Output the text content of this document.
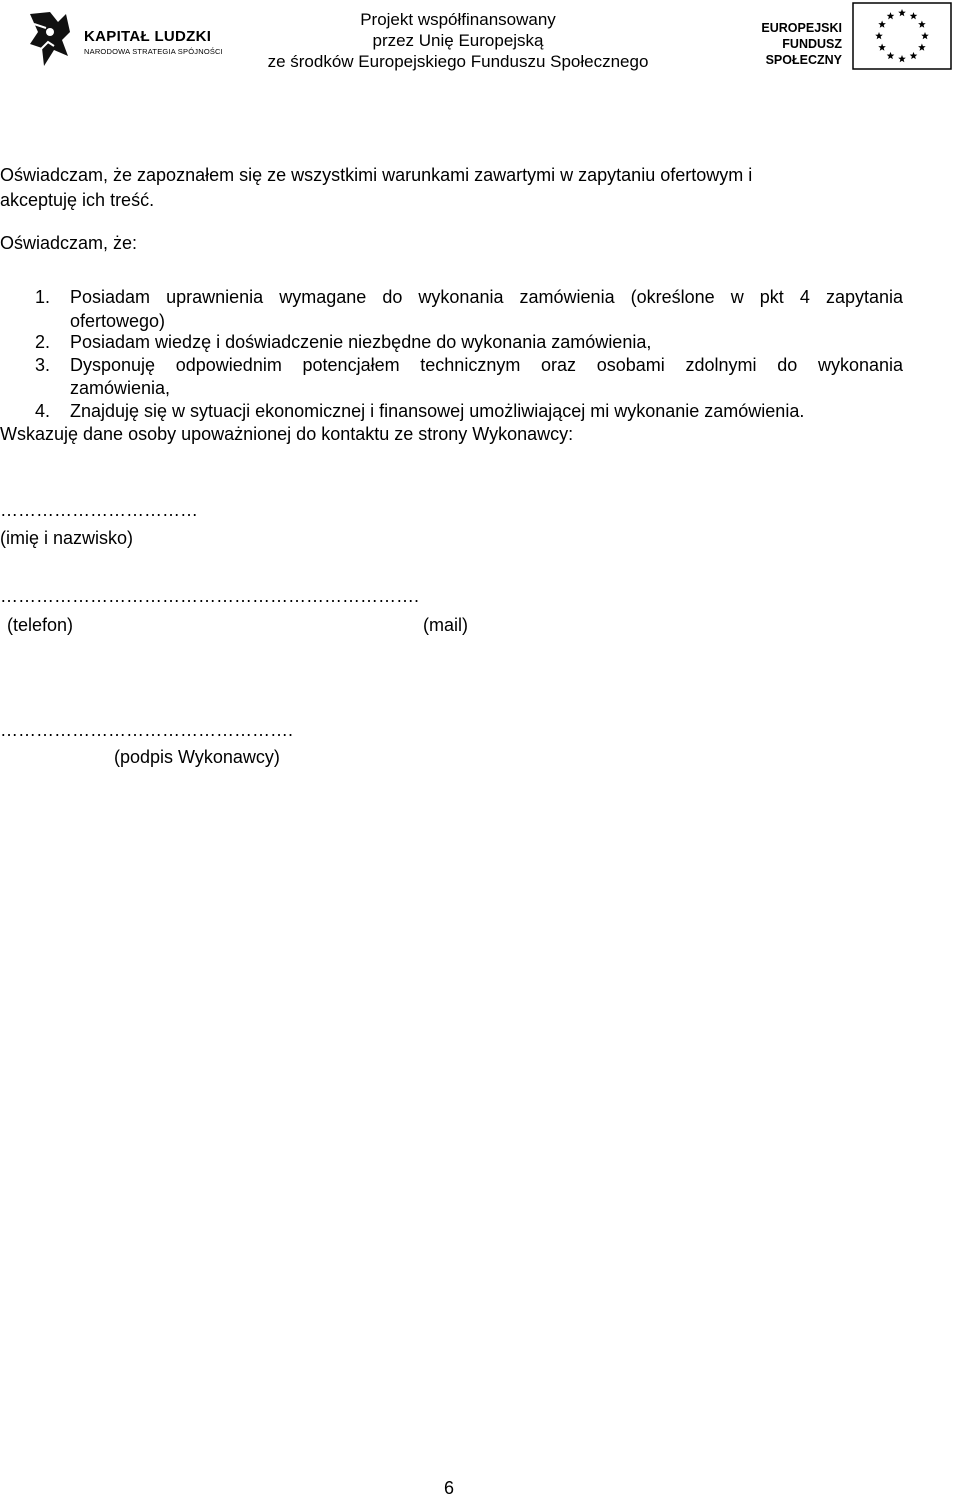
KAPITAŁ LUDZKI
NARODOWA STRATEGIA SPÓJNOŚCI
Projekt współfinansowany
przez Unię Europejską
ze środków Europejskiego Funduszu Społecznego
EUROPEJSKI
FUNDUSZ SPOŁECZNY
Oświadczam, że zapoznałem się ze wszystkimi warunkami zawartymi w zapytaniu ofertowym i
akceptuję ich treść.
Oświadczam, że:
1. Posiadam uprawnienia wymagane do wykonania zamówienia (określone w pkt 4 zapytania
ofertowego)
2. Posiadam wiedzę i doświadczenie niezbędne do wykonania zamówienia,
3. Dysponuję odpowiednim potencjałem technicznym oraz osobami zdolnymi do wykonania
zamówienia,
4. Znajduję się w sytuacji ekonomicznej i finansowej umożliwiającej mi wykonanie zamówienia.
Wskazuję dane osoby upoważnionej do kontaktu ze strony Wykonawcy:
……………………………
(imię i nazwisko)
…………………………………………………………….
(telefon)	(mail)
………………………………………….
(podpis Wykonawcy)
6
